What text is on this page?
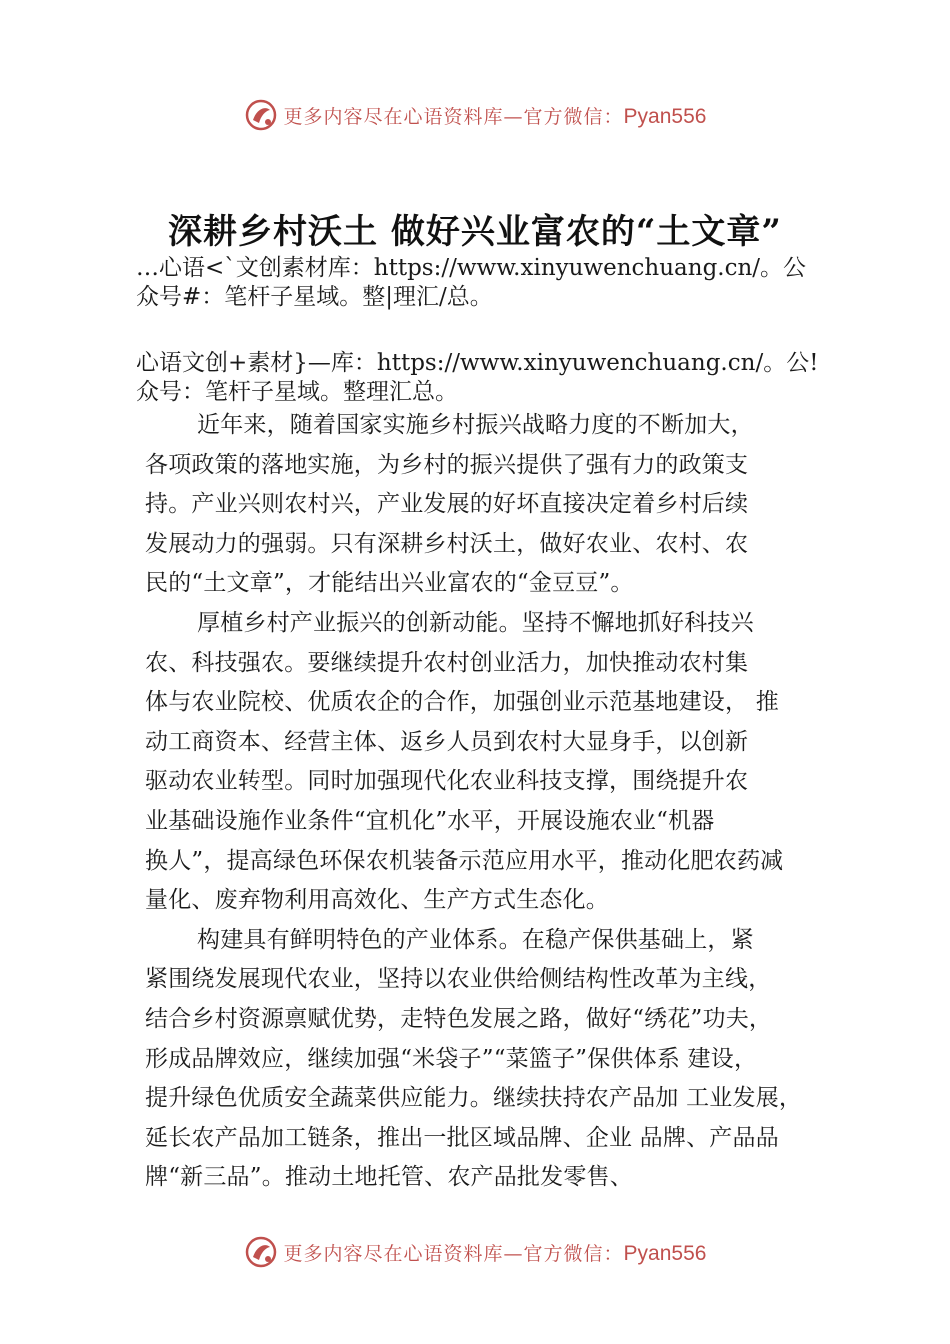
更多内容尽在心语资料库—官方微信：Pyan556
深耕乡村沃土 做好兴业富农的“土文章”
…心语<`文创素材库：https://www.xinyuwenchuang.cn/。公
众号#：笔杆子星域。整|理汇/总。
心语文创+素材}—库：https://www.xinyuwenchuang.cn/。公!
众号：笔杆子星域。整理汇总。
近年来，随着国家实施乡村振兴战略力度的不断加大，
各项政策的落地实施，为乡村的振兴提供了强有力的政策支
持。产业兴则农村兴，产业发展的好坏直接决定着乡村后续
发展动力的强弱。只有深耕乡村沃土，做好农业、农村、农
民的“土文章”，才能结出兴业富农的“金豆豆”。
厚植乡村产业振兴的创新动能。坚持不懈地抓好科技兴
农、科技强农。要继续提升农村创业活力，加快推动农村集
体与农业院校、优质农企的合作，加强创业示范基地建设， 推
动工商资本、经营主体、返乡人员到农村大显身手，以创新
驱动农业转型。同时加强现代化农业科技支撑，围绕提升农
业基础设施作业条件“宜机化”水平，开展设施农业“机器
换人”，提高绿色环保农机装备示范应用水平，推动化肥农药减
量化、废弃物利用高效化、生产方式生态化。
构建具有鲜明特色的产业体系。在稳产保供基础上，紧
紧围绕发展现代农业，坚持以农业供给侧结构性改革为主线，
结合乡村资源禀赋优势，走特色发展之路，做好“绣花”功夫，
形成品牌效应，继续加强“米袋子”“菜篮子”保供体系 建设，
提升绿色优质安全蔬菜供应能力。继续扶持农产品加 工业发展，
延长农产品加工链条，推出一批区域品牌、企业 品牌、产品品
牌“新三品”。推动土地托管、农产品批发零售、
更多内容尽在心语资料库—官方微信：Pyan556
